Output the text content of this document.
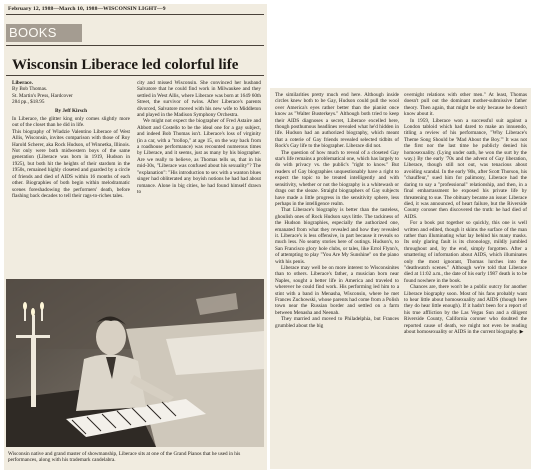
February 12, 1988—March 10, 1988—WISCONSIN LIGHT—9
BOOKS
Wisconsin Liberace led colorful life

Liberace.

By Bob Thomas.

St. Martin's Press, Hardcover

284 pp., $18.95

By Jeff Kirsch

In Liberace, the glitter king only comes slightly more out of the closet than he did in life.

This biography of Wladzie Valentino Liberace of West Allis, Wisconsin, invites comparison with those of Roy Harold Scherer, aka Rock Hudson, of Winnetka, Illinois. Not only were both midwestern boys of the same generation (Liberace was born in 1919, Hudson in 1925), but both hit the heights of their stardom in the 1950s, remained highly closeted and guarded by a circle of friends and died of AIDS within 16 months of each other. Biographies of both begin within melodramatic scenes foreshadowing the performers' death, before flashing back decades to tell their rags-to-riches tales.

city and missed Wisconsin. She convinced her husband Salvatore that he could find work in Milwaukee and they settled in West Allis, where Liberace was born at 1649 60th Street, the survivor of twins. After Liberace's parents divorced, Salvatore moved with his new wife to Middleton and played in the Madison Symphony Orchestra.

We might not expect the biographer of Fred Astaire and Abbott and Costello to be the ideal one for a gay subject, and indeed Bob Thomas isn't. Liberace's loss of virginity (in a car, with a "trollop," at age 15, on the way back from a roadhouse performance) was recounted numerous times by Liberace, and it seems, just as many by his biographer. Are we really to believe, as Thomas tells us, that in his mid-30s, "Liberace was confused about his sexuality"? The "explanation": "His introduction to sex with a wanton blues singer had obliterated any boyish notions he had had about romance. Alone in big cities, he had found himself drawn to

Wisconsin native and grand master of showmanship, Liberace sits at one of the Grand Pianos that he used in his performances, along with his trademark candelabra.

The similarities pretty much end here. Although inside circles knew both to be Gay, Hudson could pull the wool over America's eyes rather better than the pianist once know as "Walter Busterkeys." Although both tried to keep their AIDS diagnoses a secret, Liberace excelled here, though posthumous headlines revealed what he'd hidden in life. Hudson had an authorized biography, which meant that a coterie of Gay friends revealed selected tidbits of Rock's Gay life to the biographer. Liberace did not.

The question of how much to reveal of a closeted Gay star's life remains a problematical one, which has largely to do with privacy vs. the public's "right to know." But readers of Gay biographies unquestionably have a right to expect the topic to be treated intelligently and with sensitivity, whether or not the biography is a whitewash or drags out the sleaze. Straight biographers of Gay subjects have made a little progress in the sensitivity sphere, less perhaps in the intelligence realm.

That Liberace's biography is better than the tasteless, ghoulish ones of Rock Hudson says little. The tackiness of the Hudson biographies, especially the authorized one, emanated from what they revealed and how they revealed it. Liberace's is less offensive, in part because it reveals so much less. No seamy stories here of outings. Hudson's, to San Francisco glory hole clubs, or tales, like Errol Flynn's, of attempting to play "You Are My Sunshine" on the piano with his penis.

Liberace may well be on more interest to Wisconsinites than to others. Liberace's father, a musician born near Naples, sought a better life in America and traveled to wherever he could find work. His performing led him to a stint with a band in Menasha, Wisconsin, where he met Frances Zuchowski, whose parents had come from a Polish town near the Russian border and settled on a farm between Menasha and Neenah.

They married and moved to Philadelphia, but Frances grumbled about the big

overnight relations with other men." At least, Thomas doesn't pull out the dominant mother-submissive father theory. Then again, that might be only because he doesn't know about it.

In 1959, Liberace won a successful suit against a London tabloid which had dared to make an innuendo, titling a review of his performance, "Why Liberace's Theme Song Should be 'Mad About the Boy.'" It was not the first nor the last time he publicly denied his homosexuality. (Lying under oath, he won the surt by the way.) By the early '70s and the advent of Gay liberation, Liberace, though still not out, was tenacious about avoiding scandal. In the early '80s, after Scott Thorson, his "chauffeur," sued him for palimony, Liberace had the daring to say a "professional" relationship, and then, in a final embarrassment he exposed his private life by threatening to sue. The obituary became an issue: Liberace died, it was announced, of heart failure, but the Riverside County coroner then discovered the truth: he had died of AIDS.

For a book put together so quickly, this one is well written and edited, though it skims the surface of the man rather than illuminating what lay behind his many masks. Its only glaring fault is its chronology, mildly jumbled throughout and, by the end, simply forgotten. After a smattering of information about AIDS, which illuminates only the most ignorant, Thomas lurches into the "deathwatch scenes." Although we're told that Liberace died at 11:02 a.m., the date of his early 1987 death is to be found nowhere in the book.

Chances are, there won't be a public outcry for another Liberace biography soon. Most of his fans probably want to hear little about homosexuality and AIDS (though here they do hear little enough). If it hadn't been for a report of his true affliction by the Las Vegas Sun and a diligent Riverside County, California coroner who doubted the reported cause of death, we might not even be reading about homosexuality or AIDS in the current biography. ▶
